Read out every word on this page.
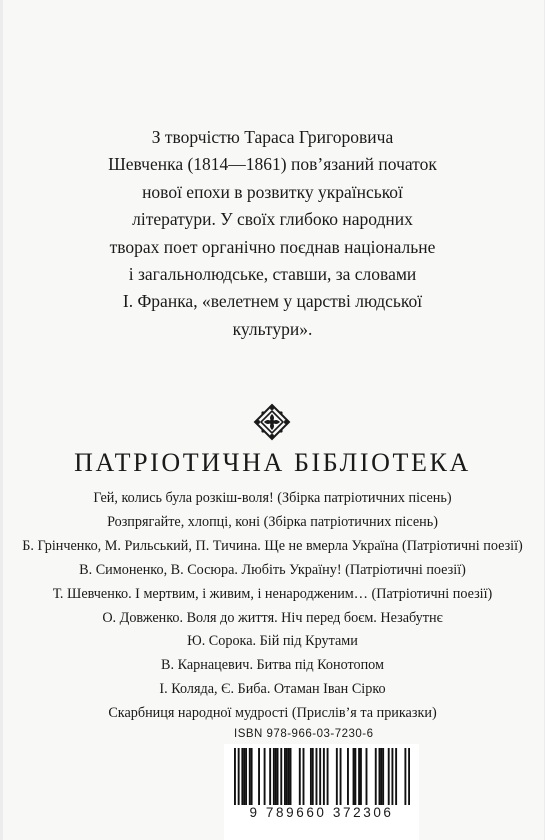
З творчістю Тараса Григоровича
Шевченка (1814—1861) пов’язаний початок
нової епохи в розвитку української
літератури. У своїх глибоко народних
творах поет органічно поєднав національне
і загальнолюдське, ставши, за словами
І. Франка, «велетнем у царстві людської
культури».
ПАТРІОТИЧНА БІБЛІОТЕКА
Гей, колись була розкіш-воля! (Збірка патріотичних пісень)
Розпрягайте, хлопці, коні (Збірка патріотичних пісень)
Б. Грінченко, М. Рильський, П. Тичина. Ще не вмерла Україна (Патріотичні поезії)
В. Симоненко, В. Сосюра. Любіть Україну! (Патріотичні поезії)
Т. Шевченко. І мертвим, і живим, і ненародженим… (Патріотичні поезії)
О. Довженко. Воля до життя. Ніч перед боєм. Незабутнє
Ю. Сорока. Бій під Крутами
В. Карнацевич. Битва під Конотопом
І. Коляда, Є. Биба. Отаман Іван Сірко
Скарбниця народної мудрості (Прислів’я та приказки)
ISBN 978-966-03-7230-6
9 789660 372306
